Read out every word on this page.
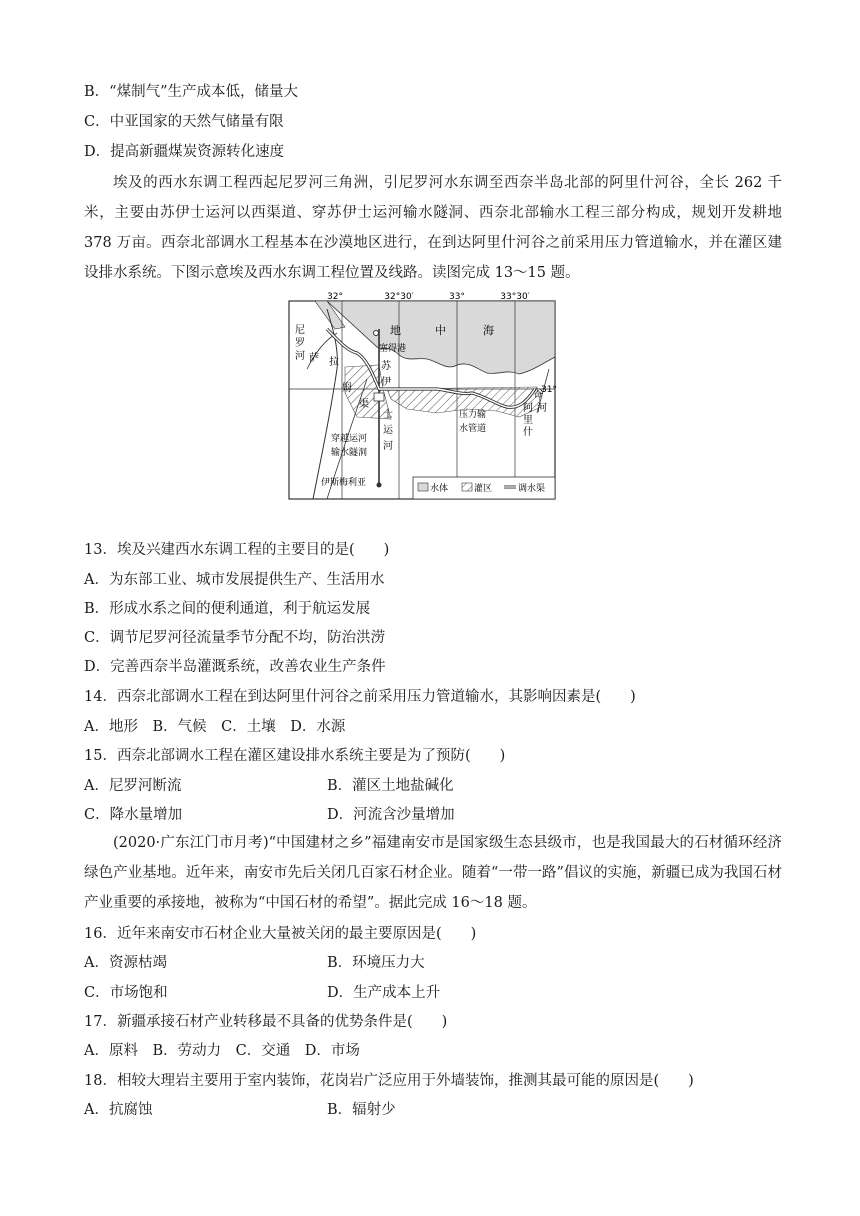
B．“煤制气”生产成本低，储量大
C．中亚国家的天然气储量有限
D．提高新疆煤炭资源转化速度
埃及的西水东调工程西起尼罗河三角洲，引尼罗河水东调至西奈半岛北部的阿里什河谷，全长 262 千米，主要由苏伊士运河以西渠道、穿苏伊士运河输水隧洞、西奈北部输水工程三部分构成，规划开发耕地 378 万亩。西奈北部调水工程基本在沙漠地区进行，在到达阿里什河谷之前采用压力管道输水，并在灌区建设排水系统。下图示意埃及西水东调工程位置及线路。读图完成 13～15 题。
32°	32°30′	33°	33°30′
31°
地	中	海
尼
罗
河 萨 拉
姆
渠
塞得港
苏
伊
士
运
河
穿越运河
输水隧洞
压力输
水管道
阿
里
什
谷
河
伊斯梅利亚
水体	灌区	调水渠
13．埃及兴建西水东调工程的主要目的是(　　)
A．为东部工业、城市发展提供生产、生活用水
B．形成水系之间的便利通道，利于航运发展
C．调节尼罗河径流量季节分配不均，防治洪涝
D．完善西奈半岛灌溉系统，改善农业生产条件
14．西奈北部调水工程在到达阿里什河谷之前采用压力管道输水，其影响因素是(　　)
A．地形　B．气候　C．土壤　D．水源
15．西奈北部调水工程在灌区建设排水系统主要是为了预防(　　)
A．尼罗河断流	B．灌区土地盐碱化
C．降水量增加	D．河流含沙量增加
(2020·广东江门市月考)“中国建材之乡”福建南安市是国家级生态县级市，也是我国最大的石材循环经济绿色产业基地。近年来，南安市先后关闭几百家石材企业。随着“一带一路”倡议的实施，新疆已成为我国石材产业重要的承接地，被称为“中国石材的希望”。据此完成 16～18 题。
16．近年来南安市石材企业大量被关闭的最主要原因是(　　)
A．资源枯竭	B．环境压力大
C．市场饱和	D．生产成本上升
17．新疆承接石材产业转移最不具备的优势条件是(　　)
A．原料　B．劳动力　C．交通　D．市场
18．相较大理岩主要用于室内装饰，花岗岩广泛应用于外墙装饰，推测其最可能的原因是(　　)
A．抗腐蚀	B．辐射少
